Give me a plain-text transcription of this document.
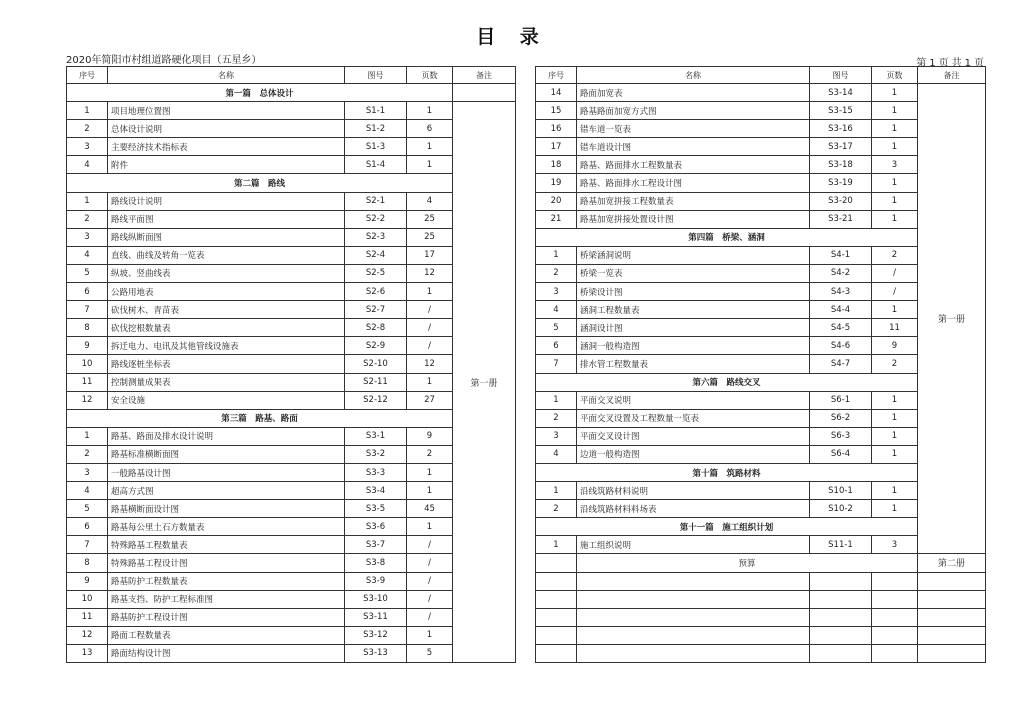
目 录
2020年简阳市村组道路硬化项目（五星乡）	第 1 页 共 1 页
序号	名称	图号	页数	备注
第一篇　总体设计				
1	项目地理位置图	S1-1	1	第一册
2	总体设计说明	S1-2	6	
3	主要经济技术指标表	S1-3	1	
4	附件	S1-4	1	
第二篇　路线				
1	路线设计说明	S2-1	4	
2	路线平面图	S2-2	25	
3	路线纵断面图	S2-3	25	
4	直线、曲线及转角一览表	S2-4	17	
5	纵坡、竖曲线表	S2-5	12	
6	公路用地表	S2-6	1	
7	砍伐树木、青苗表	S2-7	/	
8	砍伐挖根数量表	S2-8	/	
9	拆迁电力、电讯及其他管线设施表	S2-9	/	
10	路线逐桩坐标表	S2-10	12	
11	控制测量成果表	S2-11	1	
12	安全设施	S2-12	27	
第三篇　路基、路面				
1	路基、路面及排水设计说明	S3-1	9	
2	路基标准横断面图	S3-2	2	
3	一般路基设计图	S3-3	1	
4	超高方式图	S3-4	1	
5	路基横断面设计图	S3-5	45	
6	路基每公里土石方数量表	S3-6	1	
7	特殊路基工程数量表	S3-7	/	
8	特殊路基工程设计图	S3-8	/	
9	路基防护工程数量表	S3-9	/	
10	路基支挡、防护工程标准图	S3-10	/	
11	路基防护工程设计图	S3-11	/	
12	路面工程数量表	S3-12	1	
13	路面结构设计图	S3-13	5	
序号	名称	图号	页数	备注
14	路面加宽表	S3-14	1	第一册
15	路基路面加宽方式图	S3-15	1	
16	错车道一览表	S3-16	1	
17	错车道设计图	S3-17	1	
18	路基、路面排水工程数量表	S3-18	3	
19	路基、路面排水工程设计图	S3-19	1	
20	路基加宽拼接工程数量表	S3-20	1	
21	路基加宽拼接处置设计图	S3-21	1	
第四篇　桥梁、涵洞				
1	桥梁涵洞说明	S4-1	2	
2	桥梁一览表	S4-2	/	
3	桥梁设计图	S4-3	/	
4	涵洞工程数量表	S4-4	1	
5	涵洞设计图	S4-5	11	
6	涵洞一般构造图	S4-6	9	
7	排水管工程数量表	S4-7	2	
第六篇　路线交叉				
1	平面交叉说明	S6-1	1	
2	平面交叉设置及工程数量一览表	S6-2	1	
3	平面交叉设计图	S6-3	1	
4	边道一般构造图	S6-4	1	
第十篇　筑路材料				
1	沿线筑路材料说明	S10-1	1	
2	沿线筑路材料料场表	S10-2	1	
第十一篇　施工组织计划				
1	施工组织说明	S11-1	3	
	预算			第二册
